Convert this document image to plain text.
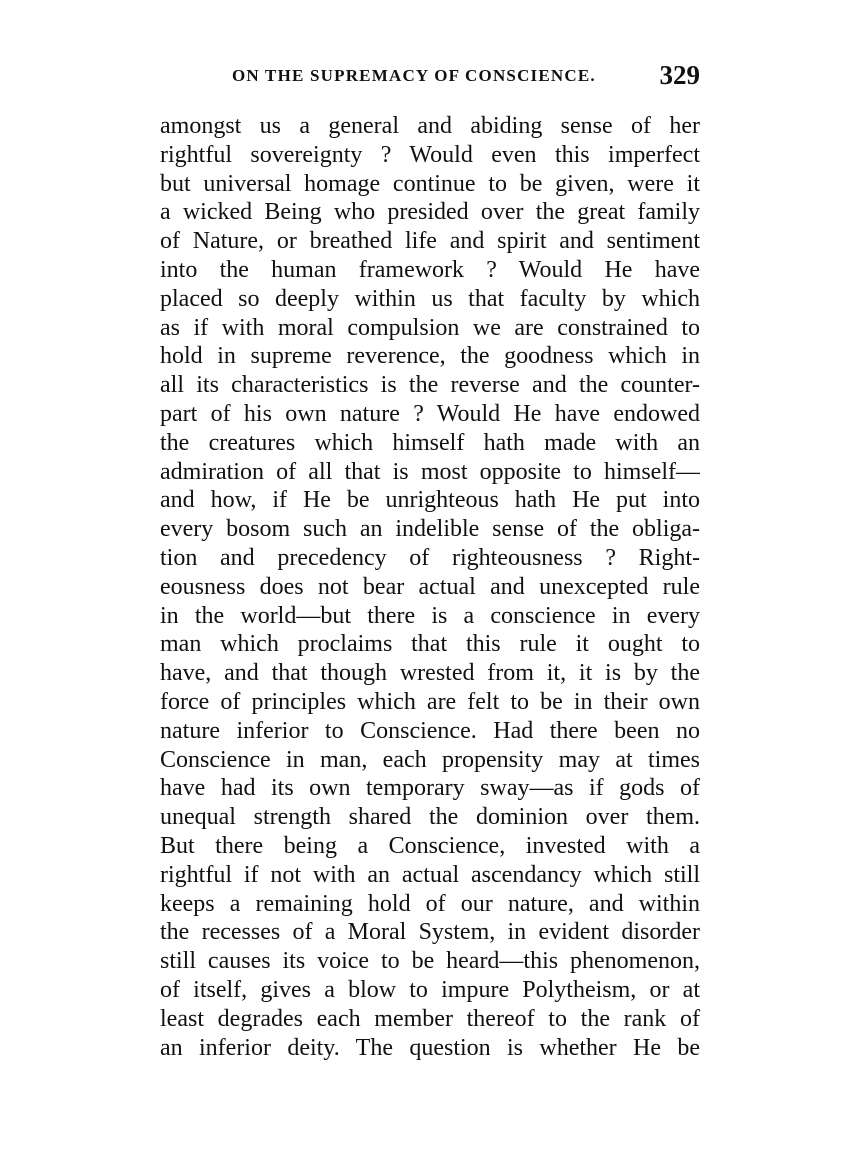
ON THE SUPREMACY OF CONSCIENCE. 329
amongst us a general and abiding sense of her
rightful sovereignty ? Would even this imperfect
but universal homage continue to be given, were it
a wicked Being who presided over the great family
of Nature, or breathed life and spirit and sentiment
into the human framework ? Would He have
placed so deeply within us that faculty by which
as if with moral compulsion we are constrained to
hold in supreme reverence, the goodness which in
all its characteristics is the reverse and the counter-
part of his own nature ? Would He have endowed
the creatures which himself hath made with an
admiration of all that is most opposite to himself—
and how, if He be unrighteous hath He put into
every bosom such an indelible sense of the obliga-
tion and precedency of righteousness ? Right-
eousness does not bear actual and unexcepted rule
in the world—but there is a conscience in every
man which proclaims that this rule it ought to
have, and that though wrested from it, it is by the
force of principles which are felt to be in their own
nature inferior to Conscience. Had there been no
Conscience in man, each propensity may at times
have had its own temporary sway—as if gods of
unequal strength shared the dominion over them.
But there being a Conscience, invested with a
rightful if not with an actual ascendancy which still
keeps a remaining hold of our nature, and within
the recesses of a Moral System, in evident disorder
still causes its voice to be heard—this phenomenon,
of itself, gives a blow to impure Polytheism, or at
least degrades each member thereof to the rank of
an inferior deity. The question is whether He be
